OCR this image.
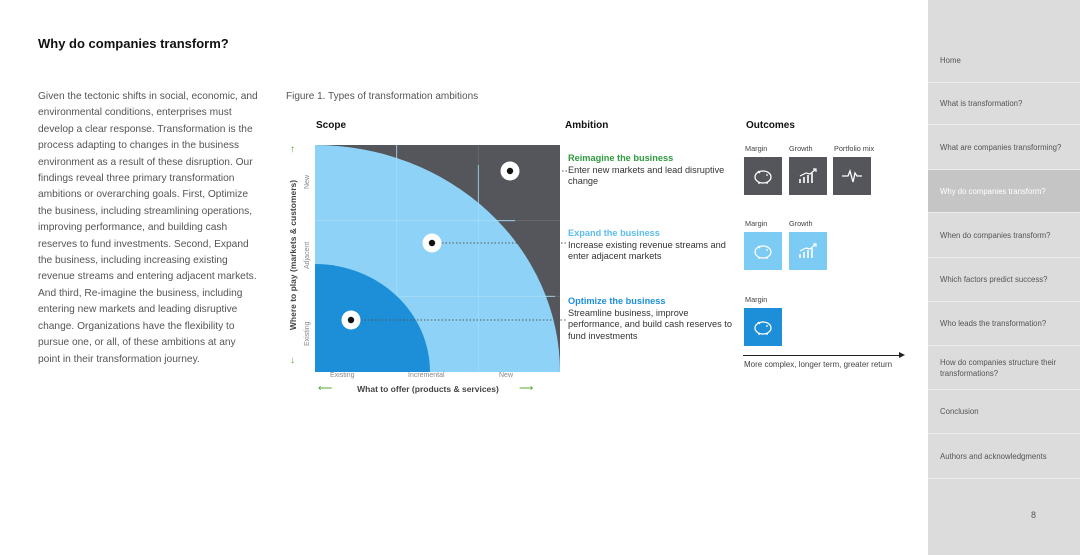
Why do companies transform?
Given the tectonic shifts in social, economic, and environmental conditions, enterprises must develop a clear response. Transformation is the process adapting to changes in the business environment as a result of these disruption. Our findings reveal three primary transformation ambitions or overarching goals. First, Optimize the business, including streamlining operations, improving performance, and building cash reserves to fund investments. Second, Expand the business, including increasing existing revenue streams and entering adjacent markets. And third, Re-imagine the business, including entering new markets and leading disruptive change. Organizations have the flexibility to pursue one, or all, of these ambitions at any point in their transformation journey.
Figure 1. Types of transformation ambitions
Scope	Ambition	Outcomes
↑
↓
Where to play (markets & customers)
Existing
Adjacent
New
Existing	Incremental	New
⟵	⟶
What to offer (products & services)
Reimagine the business
Enter new markets and lead disruptive change
Expand the business
Increase existing revenue streams and enter adjacent markets
Optimize the business
Streamline business, improve performance, and build cash reserves to fund investments
Margin	Growth	Portfolio mix
Margin	Growth
Margin
More complex, longer term, greater return
Home
What is transformation?
What are companies transforming?
Why do companies transform?
When do companies transform?
Which factors predict success?
Who leads the transformation?
How do companies structure their transformations?
Conclusion
Authors and acknowledgments
8
